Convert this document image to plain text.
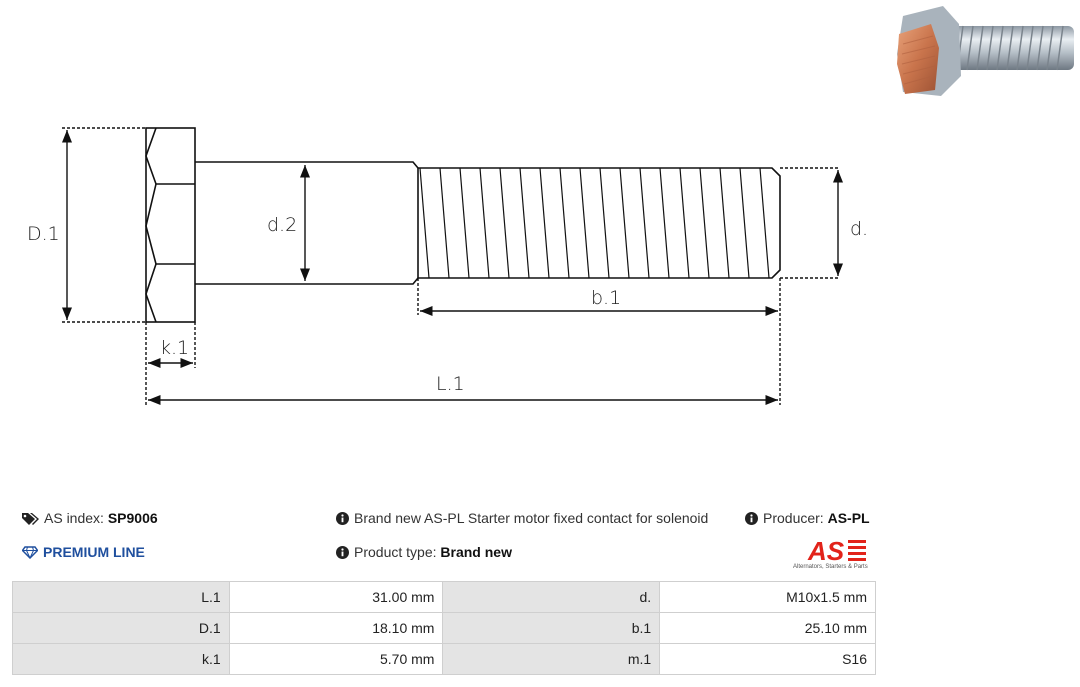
D.1	d.2	d.
b.1
k.1
L.1
AS index: SP9006	Brand new AS-PL Starter motor fixed contact for solenoid	Producer: AS-PL
PREMIUM LINE	Product type: Brand new	AS
Alternators, Starters & Parts
L.1	31.00 mm	d.	M10x1.5 mm
D.1	18.10 mm	b.1	25.10 mm
k.1	5.70 mm	m.1	S16
